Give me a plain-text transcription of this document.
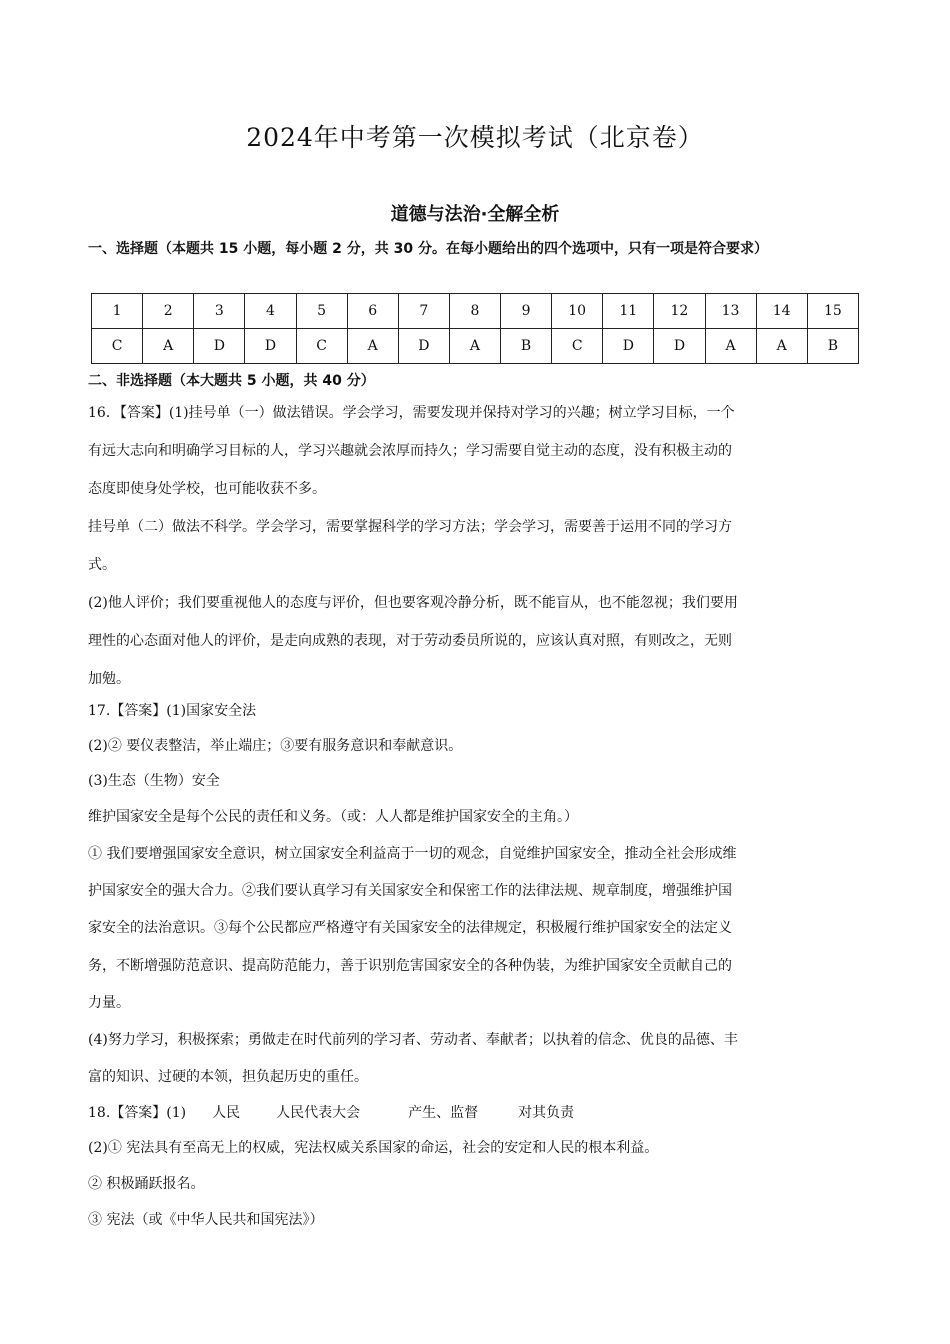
2024年中考第一次模拟考试（北京卷）
道德与法治·全解全析
一、选择题（本题共 15 小题，每小题 2 分，共 30 分。在每小题给出的四个选项中，只有一项是符合要求）
1	2	3	4	5	6	7	8	9	10	11	12	13	14	15
C	A	D	D	C	A	D	A	B	C	D	D	A	A	B
二、非选择题（本大题共 5 小题，共 40 分）
16．【答案】(1)挂号单（一）做法错误。学会学习，需要发现并保持对学习的兴趣；树立学习目标，一个
有远大志向和明确学习目标的人，学习兴趣就会浓厚而持久；学习需要自觉主动的态度，没有积极主动的
态度即使身处学校，也可能收获不多。
挂号单（二）做法不科学。学会学习，需要掌握科学的学习方法；学会学习，需要善于运用不同的学习方
式。
(2)他人评价；我们要重视他人的态度与评价，但也要客观冷静分析，既不能盲从，也不能忽视；我们要用
理性的心态面对他人的评价，是走向成熟的表现，对于劳动委员所说的，应该认真对照，有则改之，无则
加勉。
17.【答案】(1)国家安全法
(2)② 要仪表整洁，举止端庄；③要有服务意识和奉献意识。
(3)生态（生物）安全
维护国家安全是每个公民的责任和义务。（或：人人都是维护国家安全的主角。）
① 我们要增强国家安全意识，树立国家安全利益高于一切的观念，自觉维护国家安全，推动全社会形成维
护国家安全的强大合力。②我们要认真学习有关国家安全和保密工作的法律法规、规章制度，增强维护国
家安全的法治意识。③每个公民都应严格遵守有关国家安全的法律规定，积极履行维护国家安全的法定义
务，不断增强防范意识、提高防范能力，善于识别危害国家安全的各种伪装，为维护国家安全贡献自己的
力量。
(4)努力学习，积极探索；勇做走在时代前列的学习者、劳动者、奉献者；以执着的信念、优良的品德、丰
富的知识、过硬的本领，担负起历史的重任。
18.【答案】(1) 人民	人民代表大会	产生、监督	对其负责
(2)① 宪法具有至高无上的权威，宪法权威关系国家的命运，社会的安定和人民的根本利益。
② 积极踊跃报名。
③ 宪法（或《中华人民共和国宪法》）
